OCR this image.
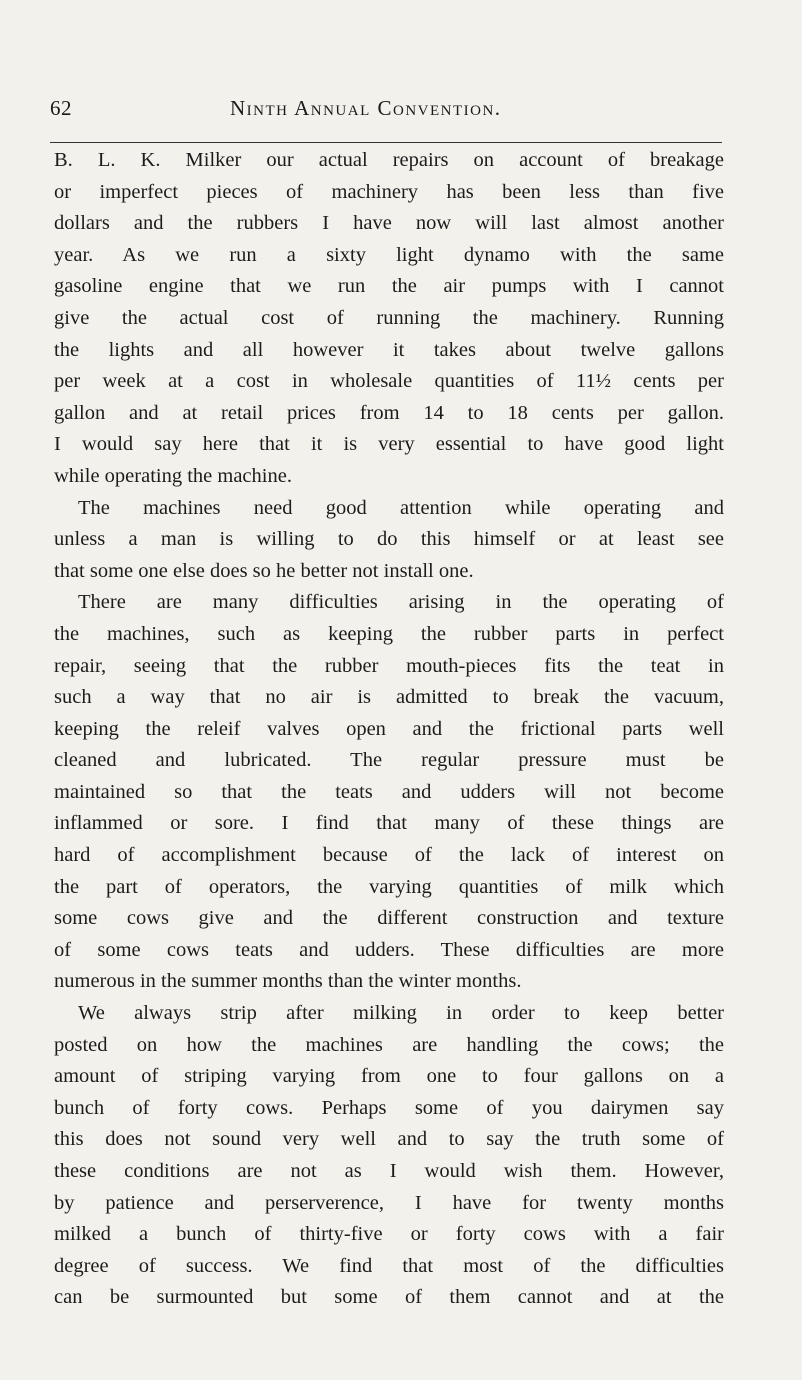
62	Ninth Annual Convention.
B. L. K. Milker our actual repairs on account of breakage
or imperfect pieces of machinery has been less than five
dollars and the rubbers I have now will last almost another
year. As we run a sixty light dynamo with the same
gasoline engine that we run the air pumps with I cannot
give the actual cost of running the machinery. Running
the lights and all however it takes about twelve gallons
per week at a cost in wholesale quantities of 11½ cents per
gallon and at retail prices from 14 to 18 cents per gallon.
I would say here that it is very essential to have good light
while operating the machine.
The machines need good attention while operating and
unless a man is willing to do this himself or at least see
that some one else does so he better not install one.
There are many difficulties arising in the operating of
the machines, such as keeping the rubber parts in perfect
repair, seeing that the rubber mouth-pieces fits the teat in
such a way that no air is admitted to break the vacuum,
keeping the releif valves open and the frictional parts well
cleaned and lubricated. The regular pressure must be
maintained so that the teats and udders will not become
inflammed or sore. I find that many of these things are
hard of accomplishment because of the lack of interest on
the part of operators, the varying quantities of milk which
some cows give and the different construction and texture
of some cows teats and udders. These difficulties are more
numerous in the summer months than the winter months.
We always strip after milking in order to keep better
posted on how the machines are handling the cows; the
amount of striping varying from one to four gallons on a
bunch of forty cows. Perhaps some of you dairymen say
this does not sound very well and to say the truth some of
these conditions are not as I would wish them. However,
by patience and perserverence, I have for twenty months
milked a bunch of thirty-five or forty cows with a fair
degree of success. We find that most of the difficulties
can be surmounted but some of them cannot and at the
